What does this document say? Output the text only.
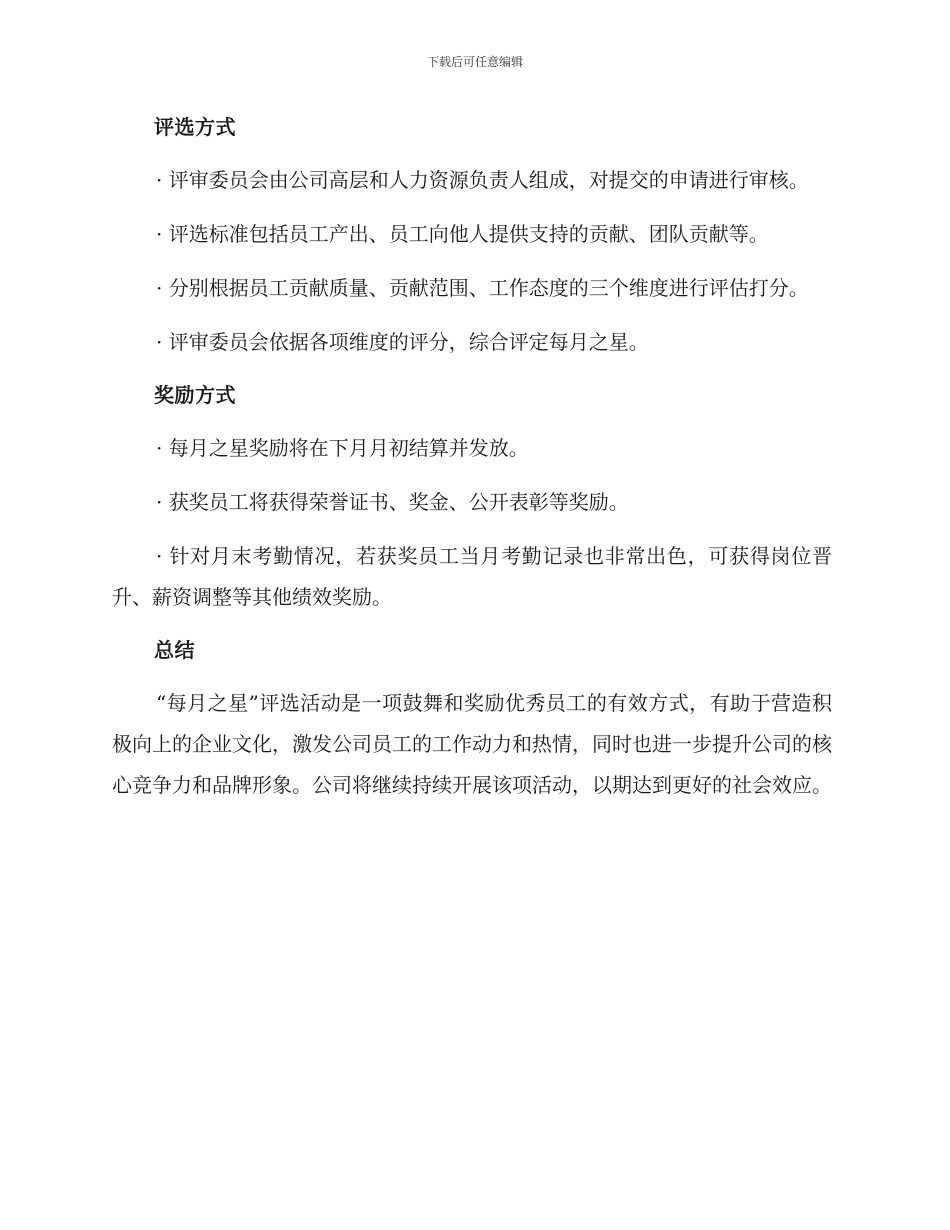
下载后可任意编辑
评选方式

· 评审委员会由公司高层和人力资源负责人组成，对提交的申请进行审核。

· 评选标准包括员工产出、员工向他人提供支持的贡献、团队贡献等。

· 分别根据员工贡献质量、贡献范围、工作态度的三个维度进行评估打分。

· 评审委员会依据各项维度的评分，综合评定每月之星。

奖励方式

· 每月之星奖励将在下月月初结算并发放。

· 获奖员工将获得荣誉证书、奖金、公开表彰等奖励。

· 针对月末考勤情况，若获奖员工当月考勤记录也非常出色，可获得岗位晋升、薪资调整等其他绩效奖励。

总结

“每月之星”评选活动是一项鼓舞和奖励优秀员工的有效方式，有助于营造积极向上的企业文化，激发公司员工的工作动力和热情，同时也进一步提升公司的核心竞争力和品牌形象。公司将继续持续开展该项活动，以期达到更好的社会效应。
